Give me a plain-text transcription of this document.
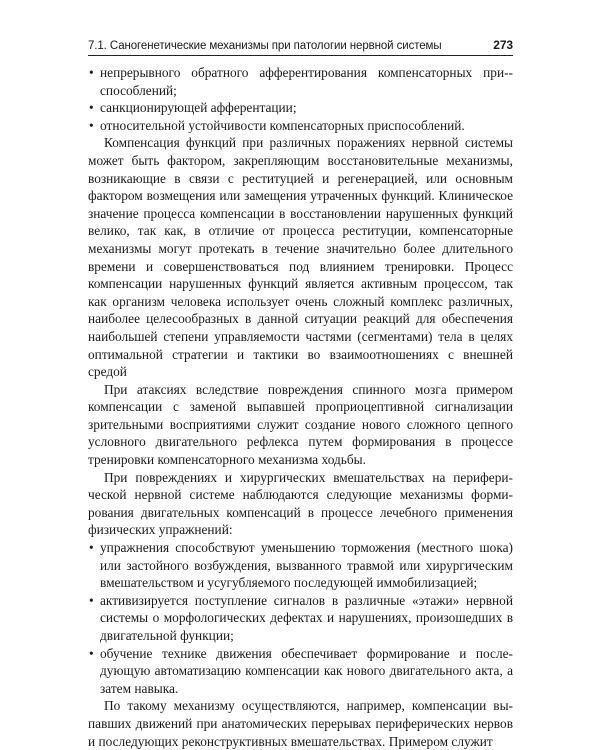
7.1. Саногенетические механизмы при патологии нервной системы	273
• непрерывного обратного афферентирования компенсаторных при-способлений;
• санкционирующей афферентации;
• относительной устойчивости компенсаторных приспособлений.

Компенсация функций при различных поражениях нервной системы может быть фактором, закрепляющим восстановительные механизмы, возникающие в связи с реституцией и регенерацией, или основным фактором возмещения или замещения утраченных функций. Клиническое значение процесса компенсации в восстановлении нарушенных функций велико, так как, в отличие от процесса реституции, компенсаторные механизмы могут протекать в течение значительно более длительного времени и совершенствоваться под влиянием тренировки. Процесс компенсации нарушенных функций является активным процессом, так как организм человека использует очень сложный комплекс различных, наиболее целесообразных в данной ситуации реакций для обеспечения наибольшей степени управляемости частями (сегментами) тела в целях оптимальной стратегии и тактики во взаимоотношениях с внешней средой

При атаксиях вследствие повреждения спинного мозга примером компенсации с заменой выпавшей проприоцептивной сигнализации зрительными восприятиями служит создание нового сложного цепного условного двигательного рефлекса путем формирования в процессе тренировки компенсаторного механизма ходьбы.

При повреждениях и хирургических вмешательствах на периферической нервной системе наблюдаются следующие механизмы формирования двигательных компенсаций в процессе лечебного применения физических упражнений:

• упражнения способствуют уменьшению торможения (местного шока) или застойного возбуждения, вызванного травмой или хирургическим вмешательством и усугубляемого последующей иммобилизацией;
• активизируется поступление сигналов в различные «этажи» нервной системы о морфологических дефектах и нарушениях, произошедших в двигательной функции;
• обучение технике движения обеспечивает формирование и последующую автоматизацию компенсации как нового двигательного акта, а затем навыка.

По такому механизму осуществляются, например, компенсации выпавших движений при анатомических перерывах периферических нервов и последующих реконструктивных вмешательствах. Примером служит
